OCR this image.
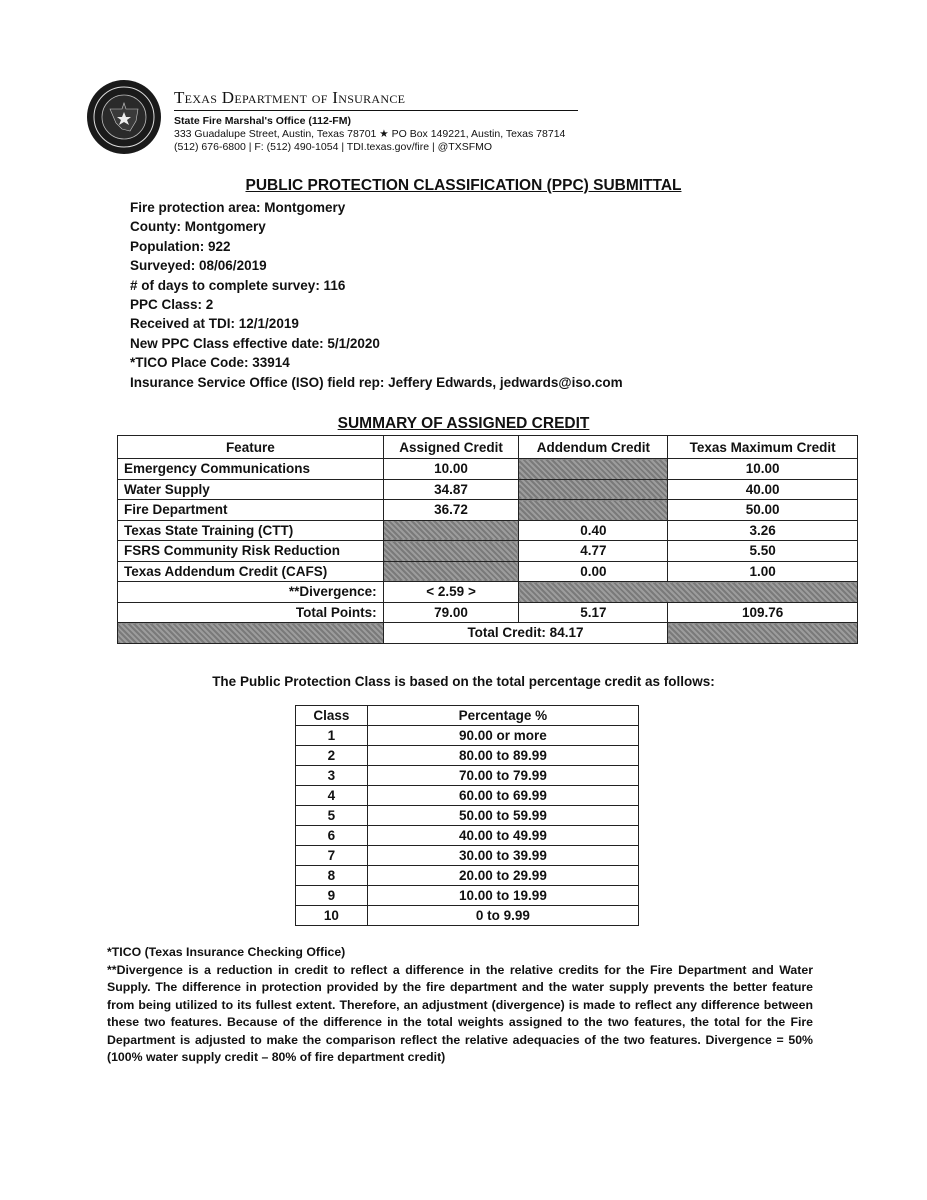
Texas Department of Insurance
State Fire Marshal's Office (112-FM)
333 Guadalupe Street, Austin, Texas 78701 ★ PO Box 149221, Austin, Texas 78714
(512) 676-6800 | F: (512) 490-1054 | TDI.texas.gov/fire | @TXSFMO
PUBLIC PROTECTION CLASSIFICATION (PPC) SUBMITTAL
Fire protection area: Montgomery
County: Montgomery
Population: 922
Surveyed: 08/06/2019
# of days to complete survey: 116
PPC Class: 2
Received at TDI: 12/1/2019
New PPC Class effective date: 5/1/2020
*TICO Place Code: 33914
Insurance Service Office (ISO) field rep: Jeffery Edwards, jedwards@iso.com
SUMMARY OF ASSIGNED CREDIT
Feature	Assigned Credit	Addendum Credit	Texas Maximum Credit
Emergency Communications	10.00		10.00
Water Supply	34.87		40.00
Fire Department	36.72		50.00
Texas State Training (CTT)		0.40	3.26
FSRS Community Risk Reduction		4.77	5.50
Texas Addendum Credit (CAFS)		0.00	1.00
**Divergence:	< 2.59 >		
Total Points:	79.00	5.17	109.76
	Total Credit: 84.17		
The Public Protection Class is based on the total percentage credit as follows:
Class	Percentage %
1	90.00 or more
2	80.00 to 89.99
3	70.00 to 79.99
4	60.00 to 69.99
5	50.00 to 59.99
6	40.00 to 49.99
7	30.00 to 39.99
8	20.00 to 29.99
9	10.00 to 19.99
10	0 to 9.99

*TICO (Texas Insurance Checking Office)

**Divergence is a reduction in credit to reflect a difference in the relative credits for the Fire Department and Water Supply. The difference in protection provided by the fire department and the water supply prevents the better feature from being utilized to its fullest extent. Therefore, an adjustment (divergence) is made to reflect any difference between these two features. Because of the difference in the total weights assigned to the two features, the total for the Fire Department is adjusted to make the comparison reflect the relative adequacies of the two features. Divergence = 50% (100% water supply credit – 80% of fire department credit)
